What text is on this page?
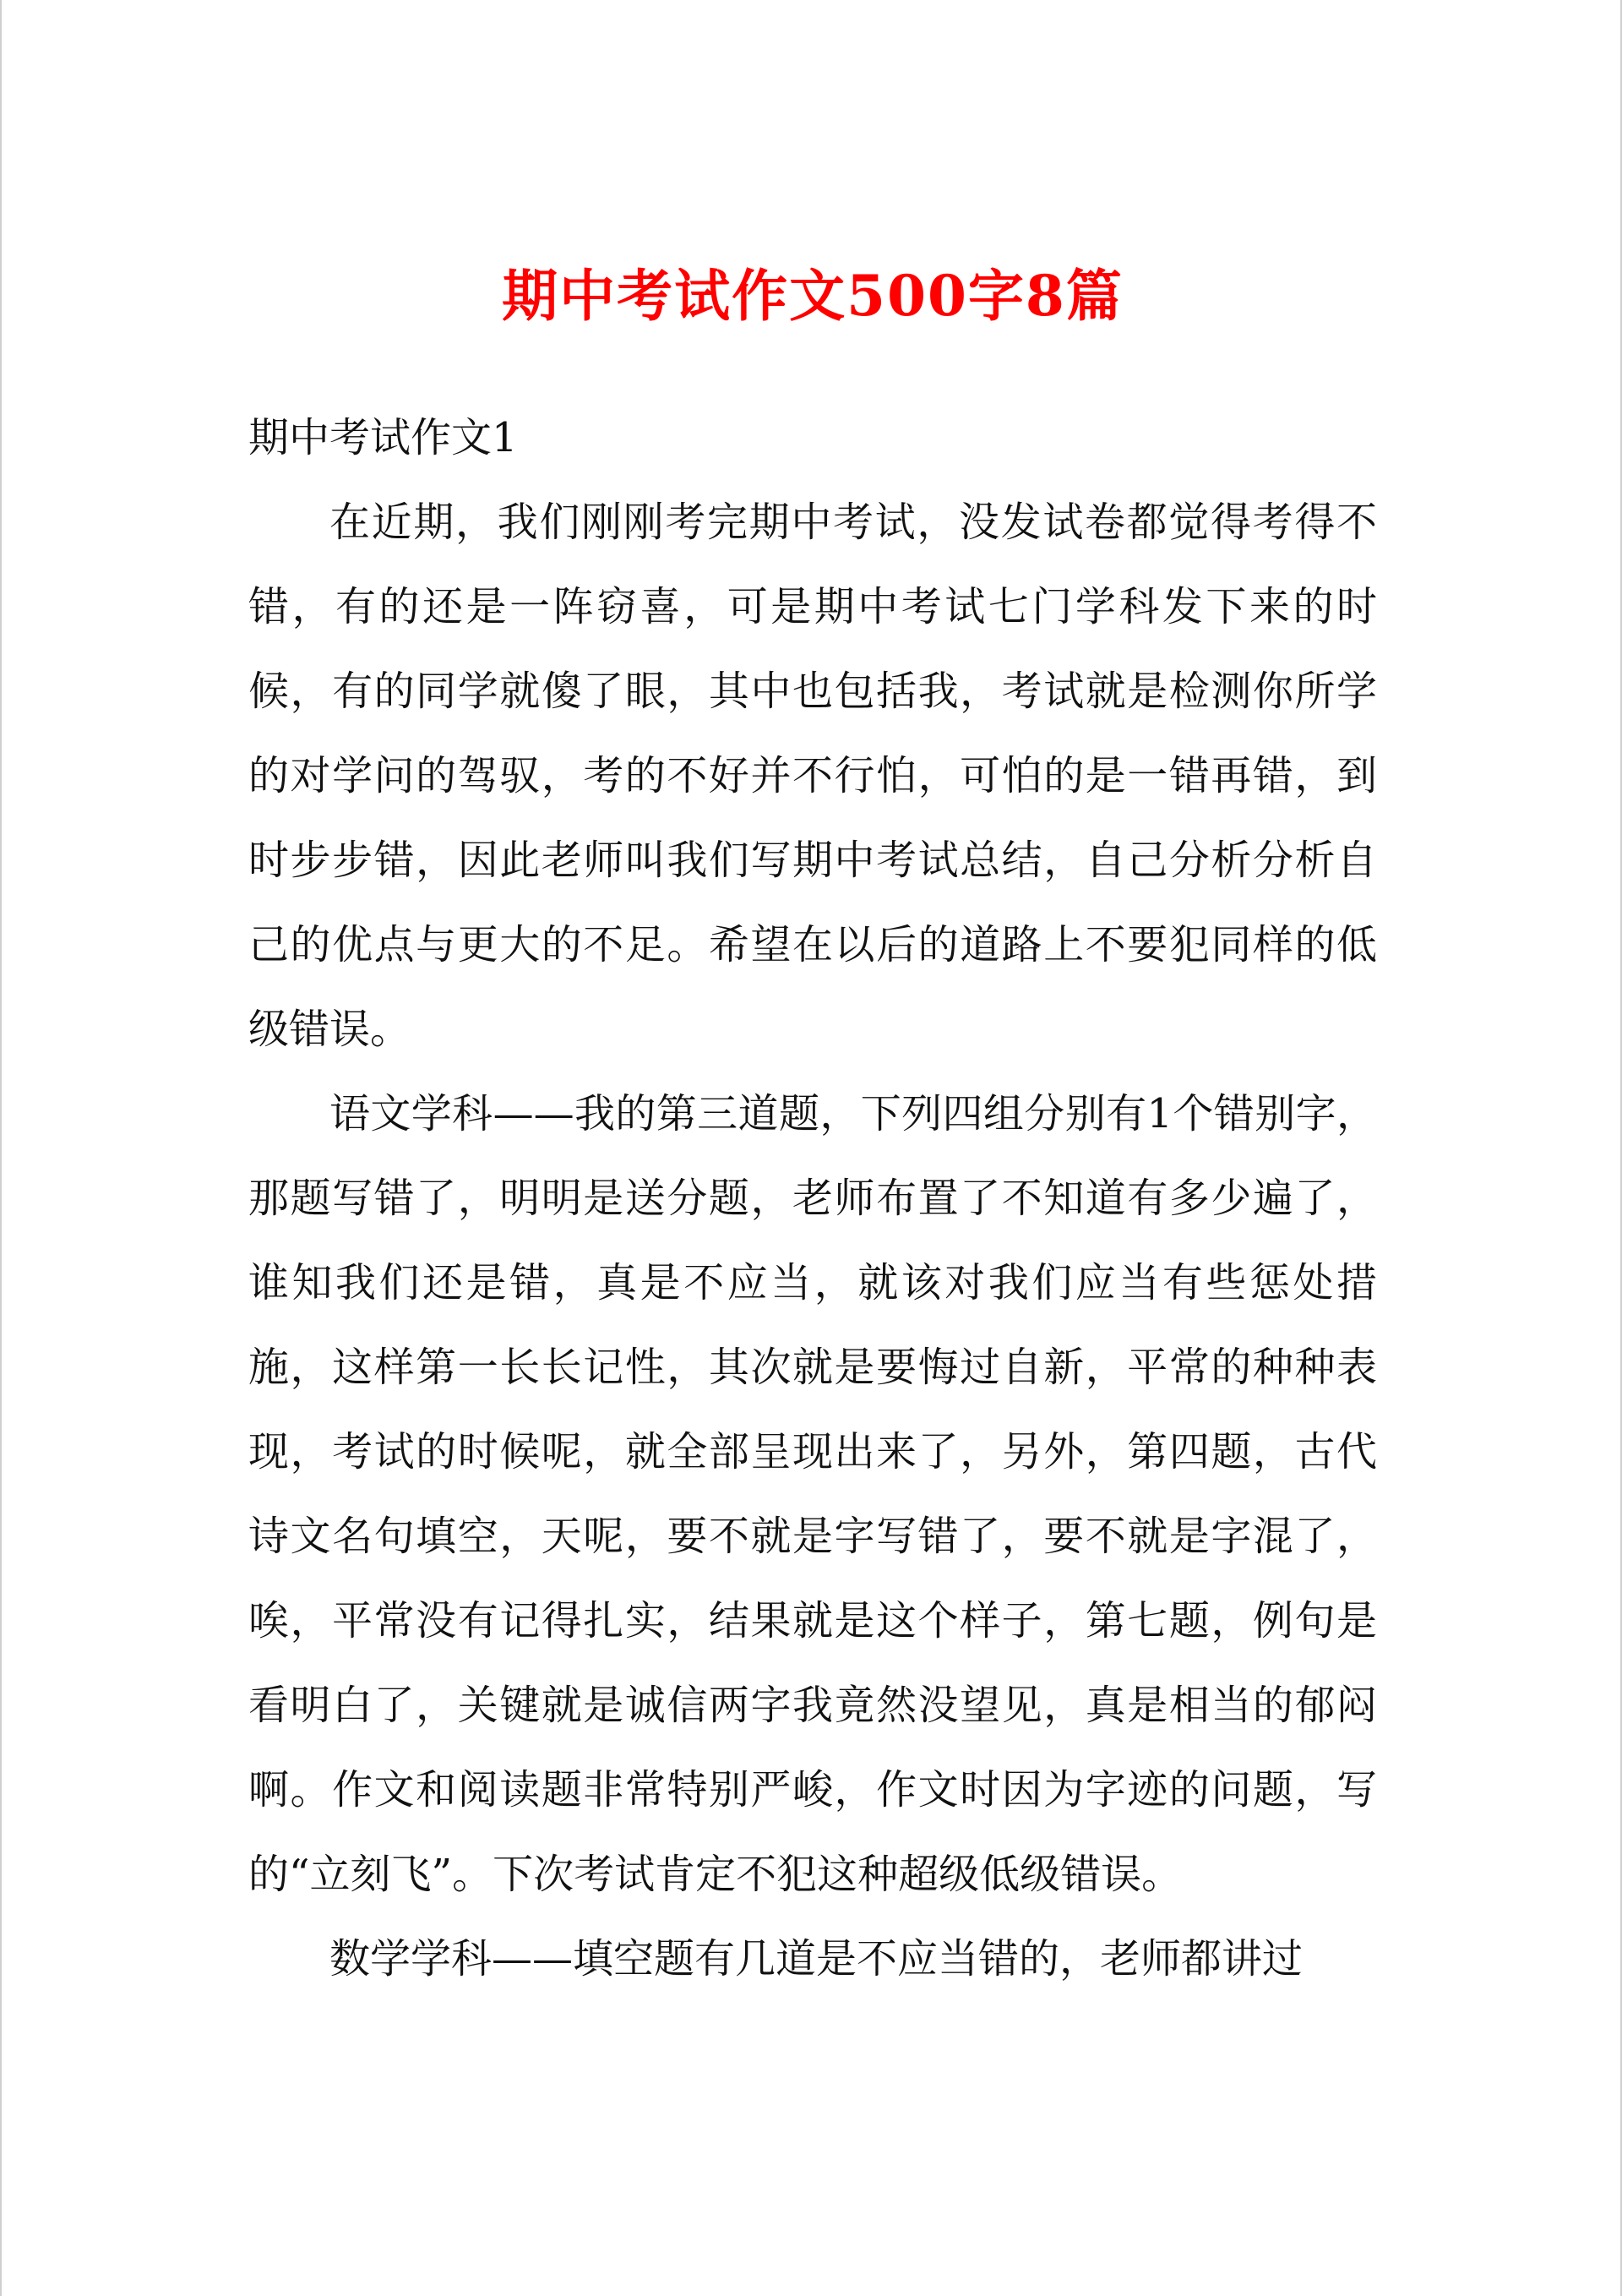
期中考试作文500字8篇
期中考试作文1
在近期，我们刚刚考完期中考试，没发试卷都觉得考得不错，有的还是一阵窃喜，可是期中考试七门学科发下来的时候，有的同学就傻了眼，其中也包括我，考试就是检测你所学的对学问的驾驭，考的不好并不行怕，可怕的是一错再错，到时步步错，因此老师叫我们写期中考试总结，自己分析分析自己的优点与更大的不足。希望在以后的道路上不要犯同样的低级错误。
语文学科——我的第三道题，下列四组分别有1个错别字，那题写错了，明明是送分题，老师布置了不知道有多少遍了，谁知我们还是错，真是不应当，就该对我们应当有些惩处措施，这样第一长长记性，其次就是要悔过自新，平常的种种表现，考试的时候呢，就全部呈现出来了，另外，第四题，古代诗文名句填空，天呢，要不就是字写错了，要不就是字混了，唉，平常没有记得扎实，结果就是这个样子，第七题，例句是看明白了，关键就是诚信两字我竟然没望见，真是相当的郁闷啊。作文和阅读题非常特别严峻，作文时因为字迹的问题，写的“立刻飞”。下次考试肯定不犯这种超级低级错误。
数学学科——填空题有几道是不应当错的，老师都讲过
